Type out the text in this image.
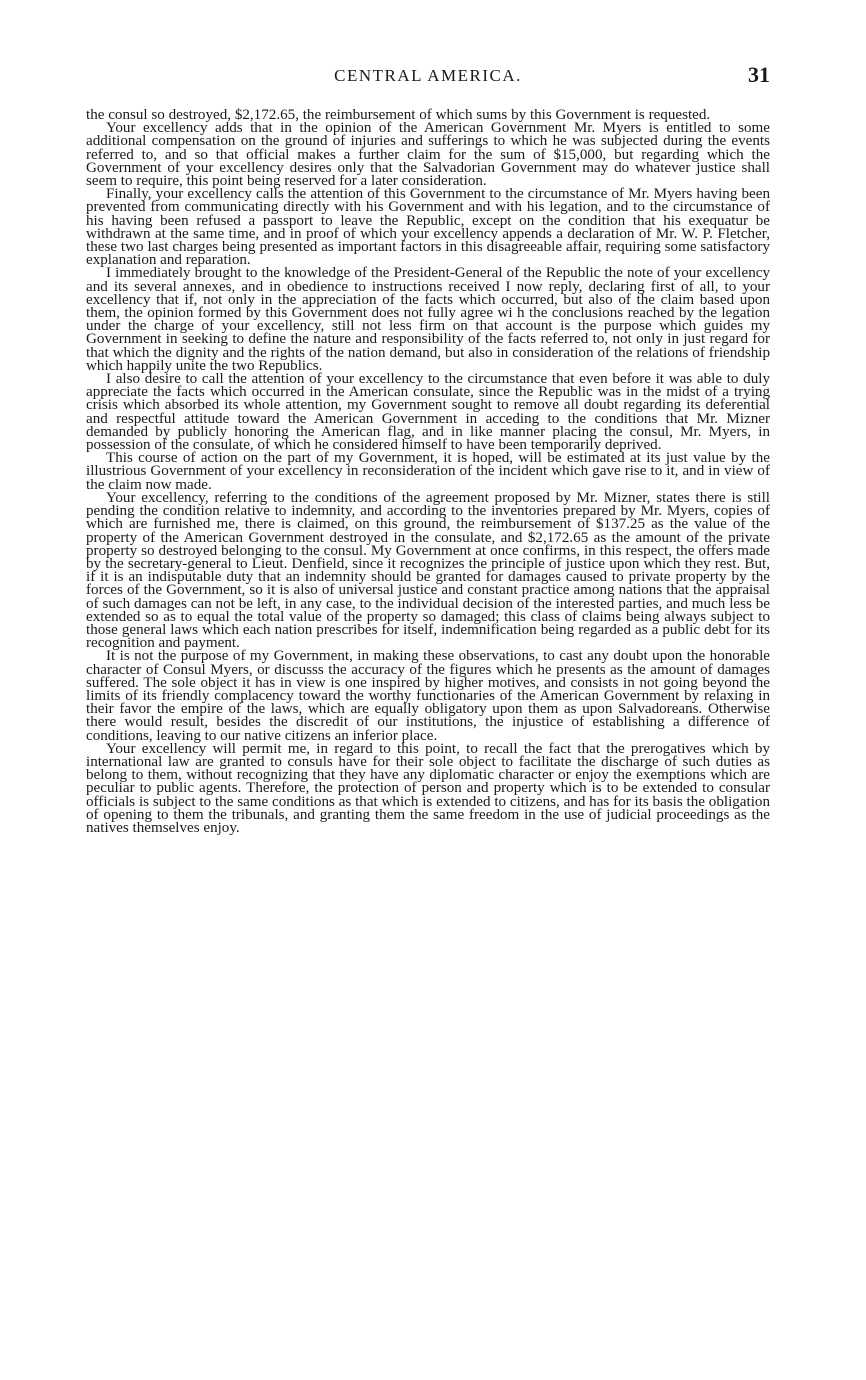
CENTRAL AMERICA.	31

the consul so destroyed, $2,172.65, the reimbursement of which sums by this Government is requested.

Your excellency adds that in the opinion of the American Government Mr. Myers is entitled to some additional compensation on the ground of injuries and sufferings to which he was subjected during the events referred to, and so that official makes a further claim for the sum of $15,000, but regarding which the Government of your excellency desires only that the Salvadorian Government may do whatever justice shall seem to require, this point being reserved for a later consideration.

Finally, your excellency calls the attention of this Government to the circumstance of Mr. Myers having been prevented from communicating directly with his Government and with his legation, and to the circumstance of his having been refused a passport to leave the Republic, except on the condition that his exequatur be withdrawn at the same time, and in proof of which your excellency appends a declaration of Mr. W. P. Fletcher, these two last charges being presented as important factors in this disagreeable affair, requiring some satisfactory explanation and reparation.

I immediately brought to the knowledge of the President-General of the Republic the note of your excellency and its several annexes, and in obedience to instructions received I now reply, declaring first of all, to your excellency that if, not only in the appreciation of the facts which occurred, but also of the claim based upon them, the opinion formed by this Government does not fully agree wi h the conclusions reached by the legation under the charge of your excellency, still not less firm on that account is the purpose which guides my Government in seeking to define the nature and responsibility of the facts referred to, not only in just regard for that which the dignity and the rights of the nation demand, but also in consideration of the relations of friendship which happily unite the two Republics.

I also desire to call the attention of your excellency to the circumstance that even before it was able to duly appreciate the facts which occurred in the American consulate, since the Republic was in the midst of a trying crisis which absorbed its whole attention, my Government sought to remove all doubt regarding its deferential and respectful attitude toward the American Government in acceding to the conditions that Mr. Mizner demanded by publicly honoring the American flag, and in like manner placing the consul, Mr. Myers, in possession of the consulate, of which he considered himself to have been temporarily deprived.

This course of action on the part of my Government, it is hoped, will be estimated at its just value by the illustrious Government of your excellency in reconsideration of the incident which gave rise to it, and in view of the claim now made.

Your excellency, referring to the conditions of the agreement proposed by Mr. Mizner, states there is still pending the condition relative to indemnity, and according to the inventories prepared by Mr. Myers, copies of which are furnished me, there is claimed, on this ground, the reimbursement of $137.25 as the value of the property of the American Government destroyed in the consulate, and $2,172.65 as the amount of the private property so destroyed belonging to the consul. My Government at once confirms, in this respect, the offers made by the secretary-general to Lieut. Denfield, since it recognizes the principle of justice upon which they rest. But, if it is an indisputable duty that an indemnity should be granted for damages caused to private property by the forces of the Government, so it is also of universal justice and constant practice among nations that the appraisal of such damages can not be left, in any case, to the individual decision of the interested parties, and much less be extended so as to equal the total value of the property so damaged; this class of claims being always subject to those general laws which each nation prescribes for itself, indemnification being regarded as a public debt for its recognition and payment.

It is not the purpose of my Government, in making these observations, to cast any doubt upon the honorable character of Consul Myers, or discusss the accuracy of the figures which he presents as the amount of damages suffered. The sole object it has in view is one inspired by higher motives, and consists in not going beyond the limits of its friendly complacency toward the worthy functionaries of the American Government by relaxing in their favor the empire of the laws, which are equally obligatory upon them as upon Salvadoreans. Otherwise there would result, besides the discredit of our institutions, the injustice of establishing a difference of conditions, leaving to our native citizens an inferior place.

Your excellency will permit me, in regard to this point, to recall the fact that the prerogatives which by international law are granted to consuls have for their sole object to facilitate the discharge of such duties as belong to them, without recognizing that they have any diplomatic character or enjoy the exemptions which are peculiar to public agents. Therefore, the protection of person and property which is to be extended to consular officials is subject to the same conditions as that which is extended to citizens, and has for its basis the obligation of opening to them the tribunals, and granting them the same freedom in the use of judicial proceedings as the natives themselves enjoy.
